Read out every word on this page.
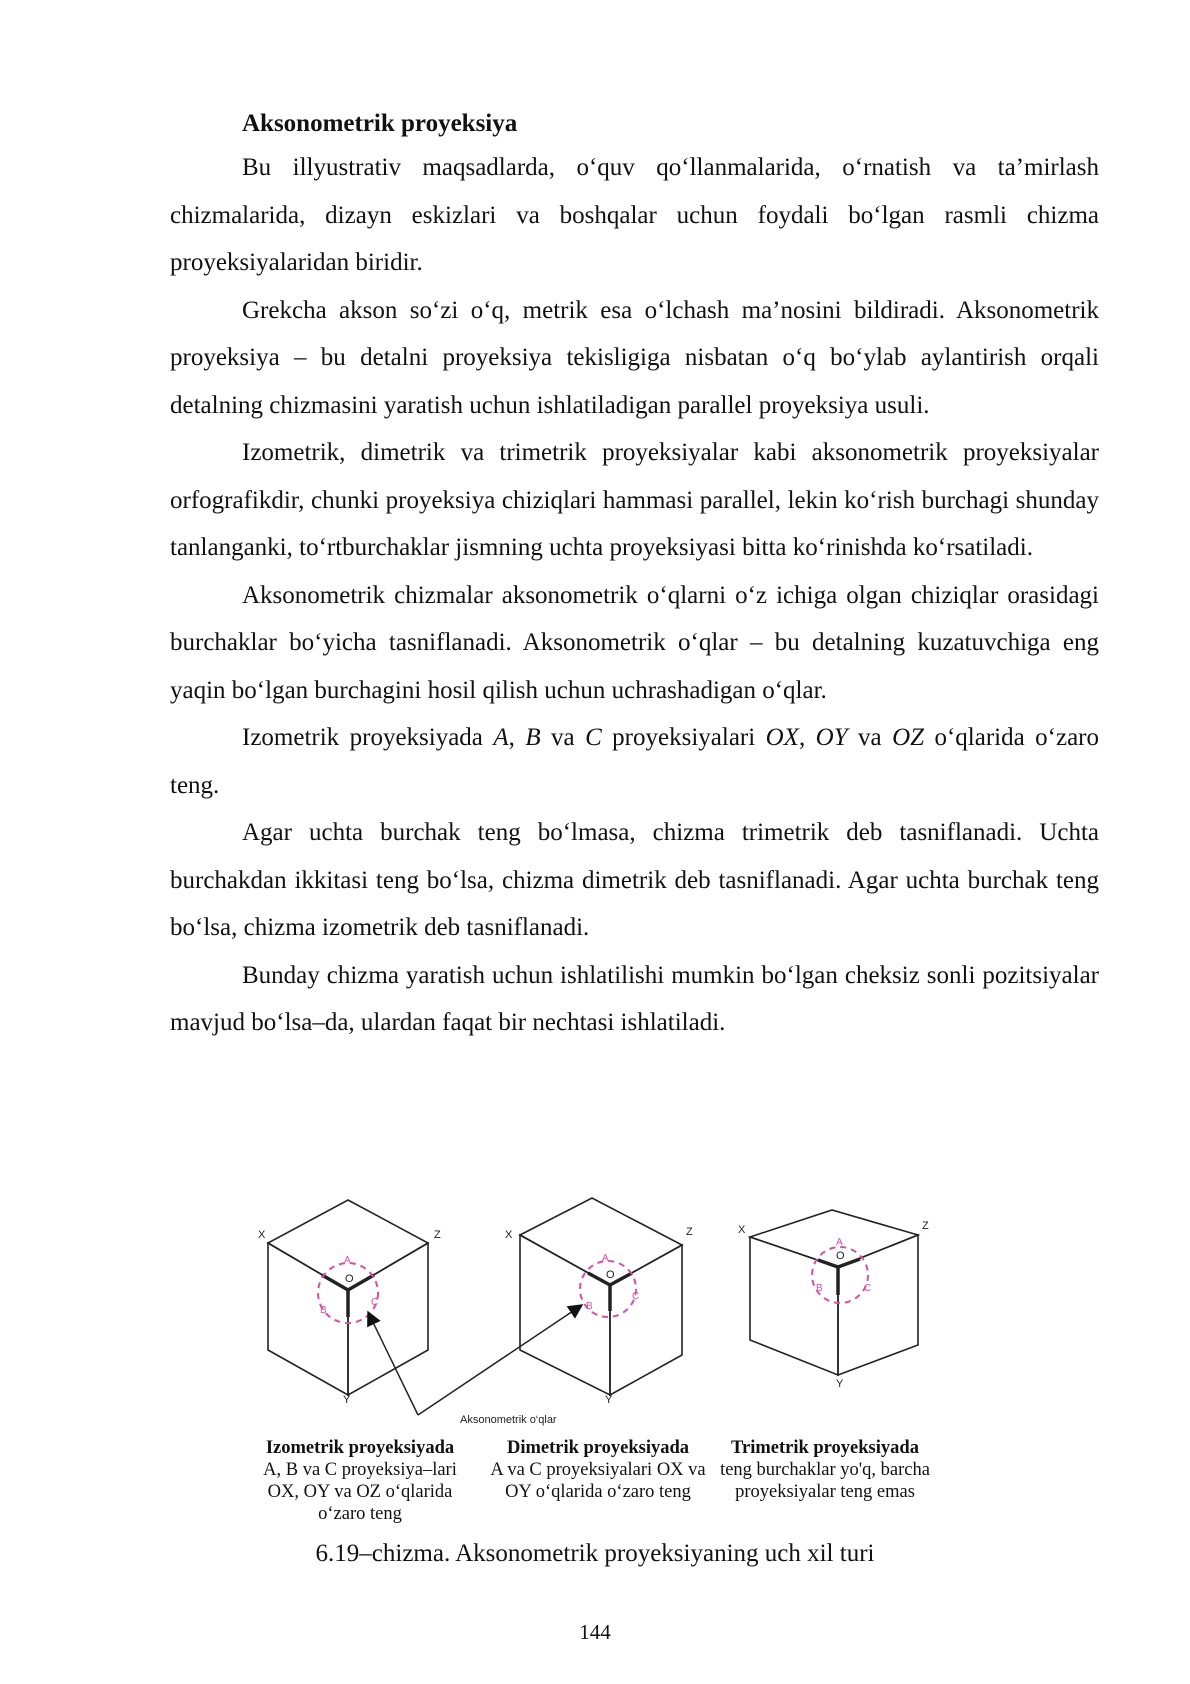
Aksonometrik proyeksiya

Bu illyustrativ maqsadlarda, o‘quv qo‘llanmalarida, o‘rnatish va ta’mirlash chizmalarida, dizayn eskizlari va boshqalar uchun foydali bo‘lgan rasmli chizma proyeksiyalaridan biridir.

Grekcha akson so‘zi o‘q, metrik esa o‘lchash ma’nosini bildiradi. Aksonometrik proyeksiya – bu detalni proyeksiya tekisligiga nisbatan o‘q bo‘ylab aylantirish orqali detalning chizmasini yaratish uchun ishlatiladigan parallel proyeksiya usuli.

Izometrik, dimetrik va trimetrik proyeksiyalar kabi aksonometrik proyeksiyalar orfografikdir, chunki proyeksiya chiziqlari hammasi parallel, lekin ko‘rish burchagi shunday tanlanganki, to‘rtburchaklar jismning uchta proyeksiyasi bitta ko‘rinishda ko‘rsatiladi.

Aksonometrik chizmalar aksonometrik o‘qlarni o‘z ichiga olgan chiziqlar orasidagi burchaklar bo‘yicha tasniflanadi. Aksonometrik o‘qlar – bu detalning kuzatuvchiga eng yaqin bo‘lgan burchagini hosil qilish uchun uchrashadigan o‘qlar.

Izometrik proyeksiyada A, B va C proyeksiyalari OX, OY va OZ o‘qlarida o‘zaro teng.

Agar uchta burchak teng bo‘lmasa, chizma trimetrik deb tasniflanadi. Uchta burchakdan ikkitasi teng bo‘lsa, chizma dimetrik deb tasniflanadi. Agar uchta burchak teng bo‘lsa, chizma izometrik deb tasniflanadi.

Bunday chizma yaratish uchun ishlatilishi mumkin bo‘lgan cheksiz sonli pozitsiyalar mavjud bo‘lsa–da, ulardan faqat bir nechtasi ishlatiladi.

X	Z
Y
O
A
B
C
X	Z
Y
O
A
B
C
X	Z
Y
O
A
B	C
Aksonometrik o‘qlar
Izometrik proyeksiyada
A, B va C proyeksiya–lari OX, OY va OZ o‘qlarida o‘zaro teng
Dimetrik proyeksiyada
A va C proyeksiyalari OX va OY o‘qlarida o‘zaro teng
Trimetrik proyeksiyada
teng burchaklar yo'q, barcha proyeksiyalar teng emas
6.19–chizma. Aksonometrik proyeksiyaning uch xil turi
144
